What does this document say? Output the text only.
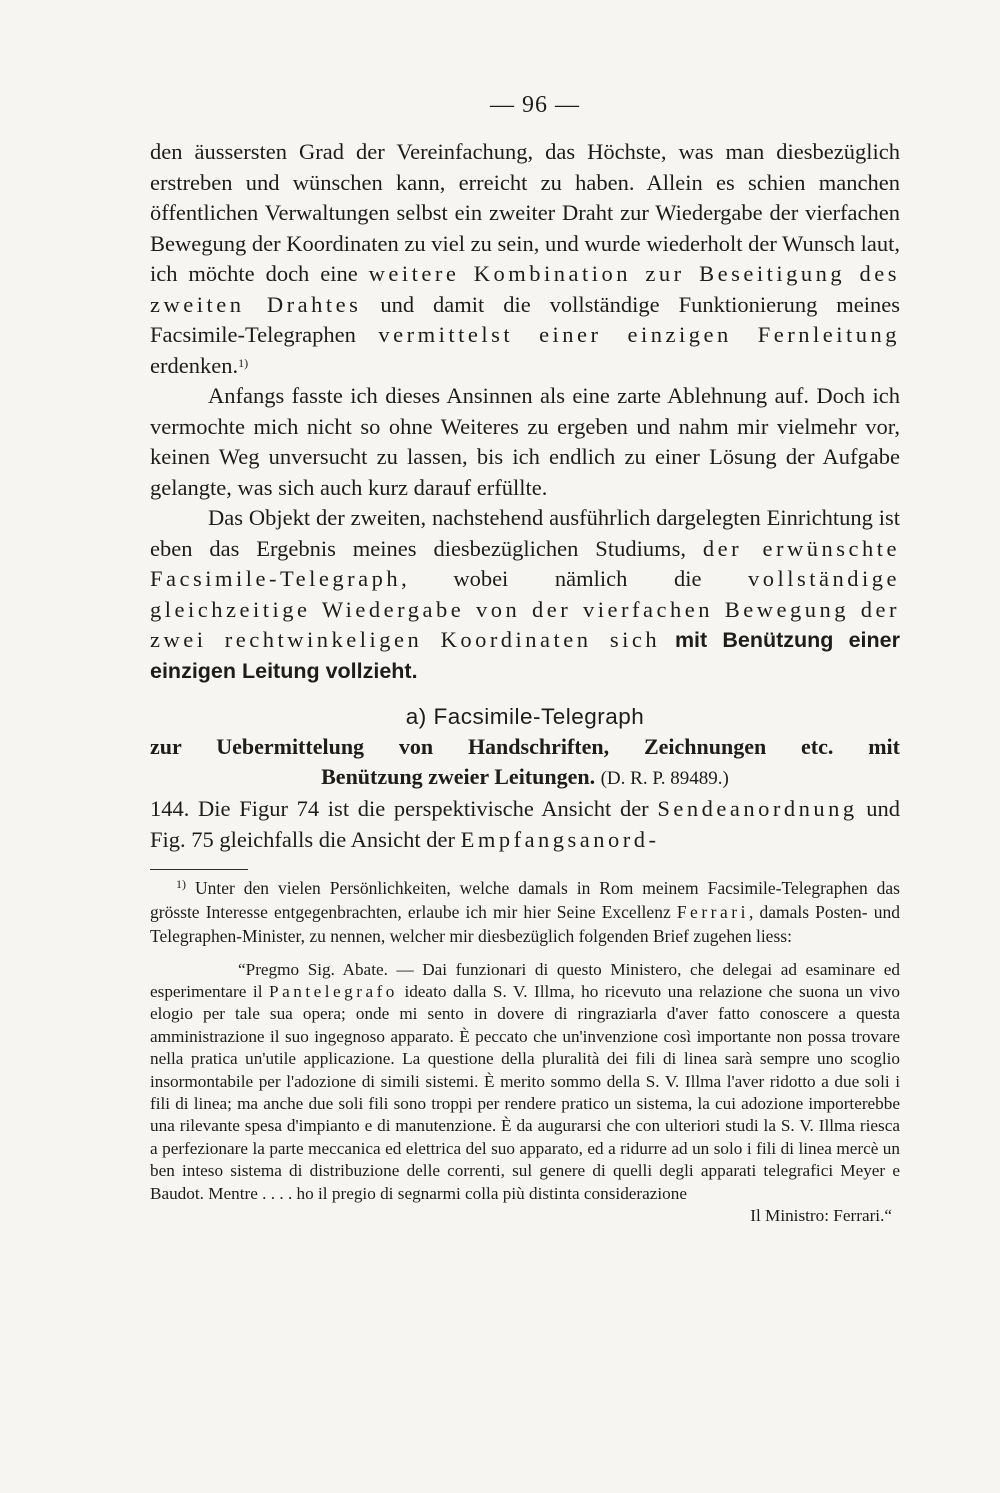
— 96 —

den äussersten Grad der Vereinfachung, das Höchste, was man diesbezüglich erstreben und wünschen kann, erreicht zu haben. Allein es schien manchen öffentlichen Verwaltungen selbst ein zweiter Draht zur Wiedergabe der vierfachen Bewegung der Koordinaten zu viel zu sein, und wurde wiederholt der Wunsch laut, ich möchte doch eine weitere Kombination zur Beseitigung des zweiten Drahtes und damit die vollständige Funktionierung meines Facsimile-Telegraphen vermittelst einer einzigen Fernleitung erdenken.$^{1)}$

Anfangs fasste ich dieses Ansinnen als eine zarte Ablehnung auf. Doch ich vermochte mich nicht so ohne Weiteres zu ergeben und nahm mir vielmehr vor, keinen Weg unversucht zu lassen, bis ich endlich zu einer Lösung der Aufgabe gelangte, was sich auch kurz darauf erfüllte.

Das Objekt der zweiten, nachstehend ausführlich dargelegten Einrichtung ist eben das Ergebnis meines diesbezüglichen Studiums, der erwünschte Facsimile-Telegraph, wobei nämlich die vollständige gleichzeitige Wiedergabe von der vierfachen Bewegung der zwei rechtwinkeligen Koordinaten sich mit Benützung einer einzigen Leitung vollzieht.

a) Facsimile-Telegraph
zur Uebermittelung von Handschriften, Zeichnungen etc. mit
Benützung zweier Leitungen. (D. R. P. 89489.)

144. Die Figur 74 ist die perspektivische Ansicht der Sendeanordnung und Fig. 75 gleichfalls die Ansicht der Empfangsanord-

$^{1)}$ Unter den vielen Persönlichkeiten, welche damals in Rom meinem Facsimile-Telegraphen das grösste Interesse entgegenbrachten, erlaube ich mir hier Seine Excellenz Ferrari, damals Posten- und Telegraphen-Minister, zu nennen, welcher mir diesbezüglich folgenden Brief zugehen liess:

“Pregmo Sig. Abate. — Dai funzionari di questo Ministero, che delegai ad esaminare ed esperimentare il Pantelegrafo ideato dalla S. V. Illma, ho ricevuto una relazione che suona un vivo elogio per tale sua opera; onde mi sento in dovere di ringraziarla d'aver fatto conoscere a questa amministrazione il suo ingegnoso apparato. È peccato che un'invenzione così importante non possa trovare nella pratica un'utile applicazione. La questione della pluralità dei fili di linea sarà sempre uno scoglio insormontabile per l'adozione di simili sistemi. È merito sommo della S. V. Illma l'aver ridotto a due soli i fili di linea; ma anche due soli fili sono troppi per rendere pratico un sistema, la cui adozione importerebbe una rilevante spesa d'impianto e di manutenzione. È da augurarsi che con ulteriori studi la S. V. Illma riesca a perfezionare la parte meccanica ed elettrica del suo apparato, ed a ridurre ad un solo i fili di linea mercè un ben inteso sistema di distribuzione delle correnti, sul genere di quelli degli apparati telegrafici Meyer e Baudot. Mentre . . . . ho il pregio di segnarmi colla più distinta considerazione

Il Ministro: Ferrari.“
